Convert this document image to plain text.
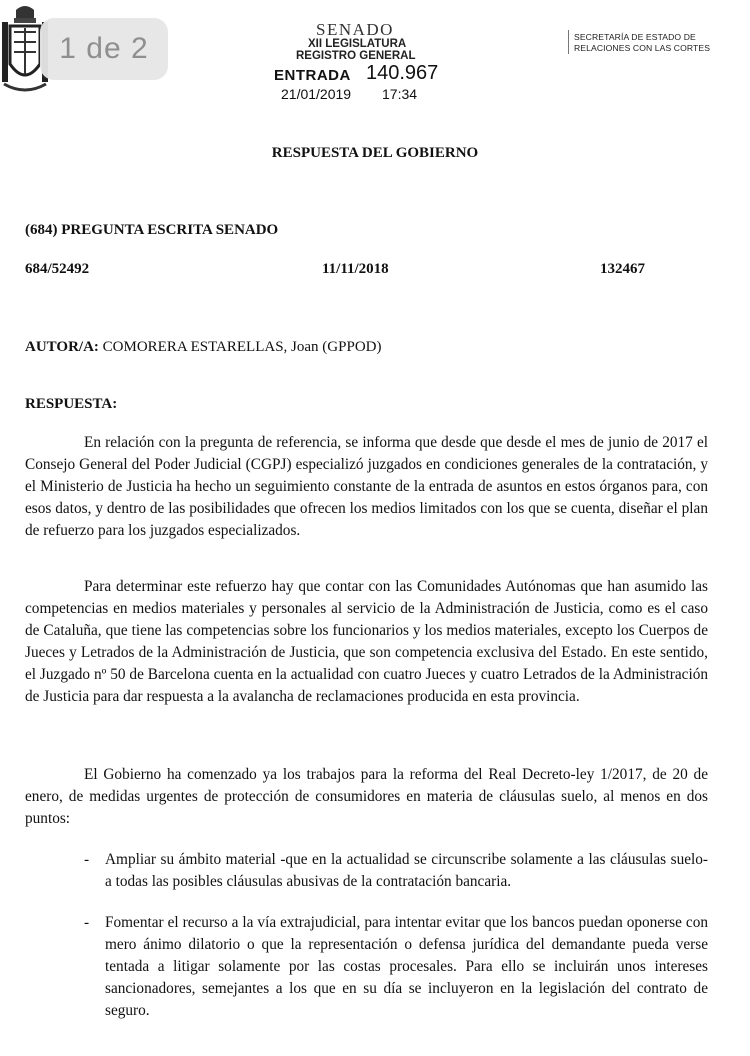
1 de 2
SENADO
XII LEGISLATURA
REGISTRO GENERAL
ENTRADA 140.967
21/01/2019 17:34
SECRETARÍA DE ESTADO DE
RELACIONES CON LAS CORTES
RESPUESTA DEL GOBIERNO
(684) PREGUNTA ESCRITA SENADO
684/52492	11/11/2018	132467
AUTOR/A: COMORERA ESTARELLAS, Joan (GPPOD)
RESPUESTA:

En relación con la pregunta de referencia, se informa que desde que desde el mes de junio de 2017 el Consejo General del Poder Judicial (CGPJ) especializó juzgados en condiciones generales de la contratación, y el Ministerio de Justicia ha hecho un seguimiento constante de la entrada de asuntos en estos órganos para, con esos datos, y dentro de las posibilidades que ofrecen los medios limitados con los que se cuenta, diseñar el plan de refuerzo para los juzgados especializados.

Para determinar este refuerzo hay que contar con las Comunidades Autónomas que han asumido las competencias en medios materiales y personales al servicio de la Administración de Justicia, como es el caso de Cataluña, que tiene las competencias sobre los funcionarios y los medios materiales, excepto los Cuerpos de Jueces y Letrados de la Administración de Justicia, que son competencia exclusiva del Estado. En este sentido, el Juzgado nº 50 de Barcelona cuenta en la actualidad con cuatro Jueces y cuatro Letrados de la Administración de Justicia para dar respuesta a la avalancha de reclamaciones producida en esta provincia.

El Gobierno ha comenzado ya los trabajos para la reforma del Real Decreto-ley 1/2017, de 20 de enero, de medidas urgentes de protección de consumidores en materia de cláusulas suelo, al menos en dos puntos:

-	Ampliar su ámbito material -que en la actualidad se circunscribe solamente a las cláusulas suelo- a todas las posibles cláusulas abusivas de la contratación bancaria.
-	Fomentar el recurso a la vía extrajudicial, para intentar evitar que los bancos puedan oponerse con mero ánimo dilatorio o que la representación o defensa jurídica del demandante pueda verse tentada a litigar solamente por las costas procesales. Para ello se incluirán unos intereses sancionadores, semejantes a los que en su día se incluyeron en la legislación del contrato de seguro.
